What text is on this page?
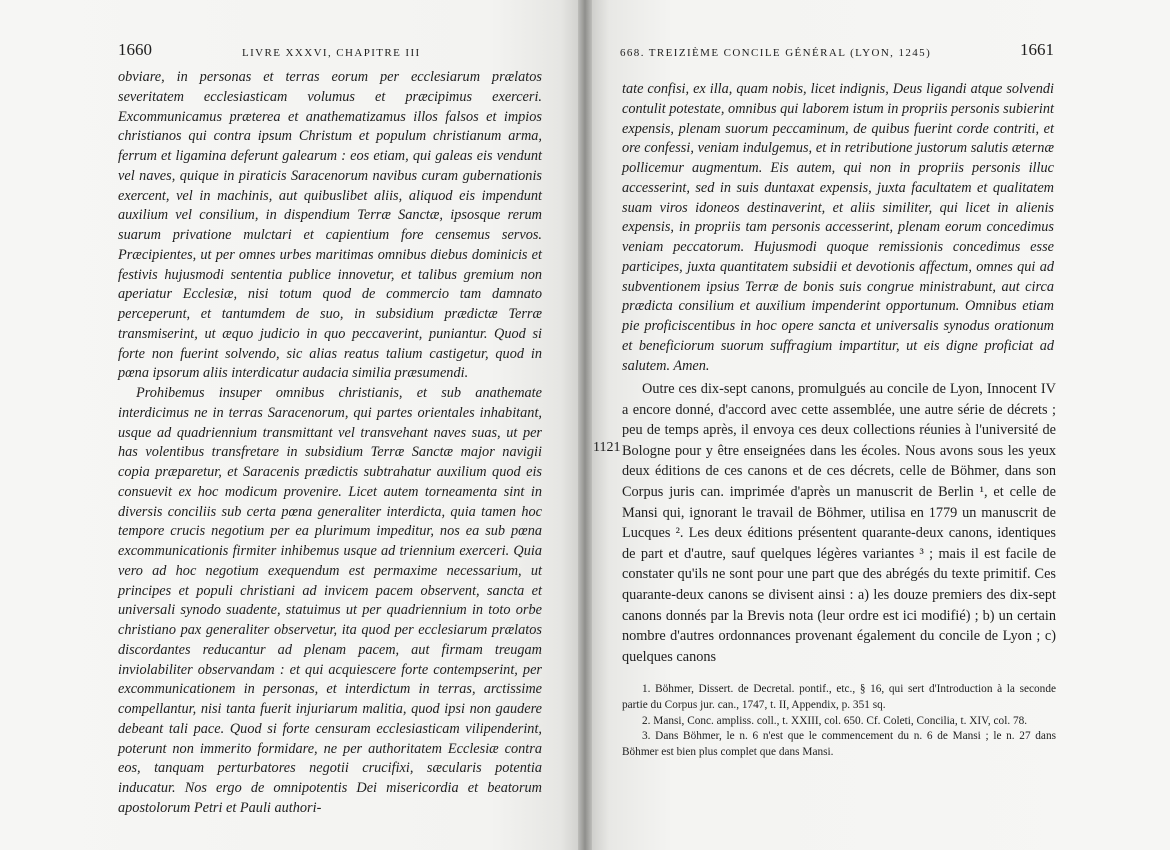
1660	LIVRE XXXVI, CHAPITRE III

obviare, in personas et terras eorum per ecclesiarum prælatos severitatem ecclesiasticam volumus et præcipimus exerceri. Excommunicamus præterea et anathematizamus illos falsos et impios christianos qui contra ipsum Christum et populum christianum arma, ferrum et ligamina deferunt galearum : eos etiam, qui galeas eis vendunt vel naves, quique in piraticis Saracenorum navibus curam gubernationis exercent, vel in machinis, aut quibuslibet aliis, aliquod eis impendunt auxilium vel consilium, in dispendium Terræ Sanctæ, ipsosque rerum suarum privatione mulctari et capientium fore censemus servos. Præcipientes, ut per omnes urbes maritimas omnibus diebus dominicis et festivis hujusmodi sententia publice innovetur, et talibus gremium non aperiatur Ecclesiæ, nisi totum quod de commercio tam damnato perceperunt, et tantumdem de suo, in subsidium prædictæ Terræ transmiserint, ut æquo judicio in quo peccaverint, puniantur. Quod si forte non fuerint solvendo, sic alias reatus talium castigetur, quod in pœna ipsorum aliis interdicatur audacia similia præsumendi.

Prohibemus insuper omnibus christianis, et sub anathemate interdicimus ne in terras Saracenorum, qui partes orientales inhabitant, usque ad quadriennium transmittant vel transvehant naves suas, ut per has volentibus transfretare in subsidium Terræ Sanctæ major navigii copia præparetur, et Saracenis prædictis subtrahatur auxilium quod eis consuevit ex hoc modicum provenire. Licet autem torneamenta sint in diversis conciliis sub certa pœna generaliter interdicta, quia tamen hoc tempore crucis negotium per ea plurimum impeditur, nos ea sub pœna excommunicationis firmiter inhibemus usque ad triennium exerceri. Quia vero ad hoc negotium exequendum est permaxime necessarium, ut principes et populi christiani ad invicem pacem observent, sancta et universali synodo suadente, statuimus ut per quadriennium in toto orbe christiano pax generaliter observetur, ita quod per ecclesiarum prælatos discordantes reducantur ad plenam pacem, aut firmam treugam inviolabiliter observandam : et qui acquiescere forte contempserint, per excommunicationem in personas, et interdictum in terras, arctissime compellantur, nisi tanta fuerit injuriarum malitia, quod ipsi non gaudere debeant tali pace. Quod si forte censuram ecclesiasticam vilipenderint, poterunt non immerito formidare, ne per authoritatem Ecclesiæ contra eos, tanquam perturbatores negotii crucifixi, sæcularis potentia inducatur. Nos ergo de omnipotentis Dei misericordia et beatorum apostolorum Petri et Pauli authori-

668. TREIZIÈME CONCILE GÉNÉRAL (LYON, 1245)	1661

tate confisi, ex illa, quam nobis, licet indignis, Deus ligandi atque solvendi contulit potestate, omnibus qui laborem istum in propriis personis subierint expensis, plenam suorum peccaminum, de quibus fuerint corde contriti, et ore confessi, veniam indulgemus, et in retributione justorum salutis æternæ pollicemur augmentum. Eis autem, qui non in propriis personis illuc accesserint, sed in suis duntaxat expensis, juxta facultatem et qualitatem suam viros idoneos destinaverint, et aliis similiter, qui licet in alienis expensis, in propriis tam personis accesserint, plenam eorum concedimus veniam peccatorum. Hujusmodi quoque remissionis concedimus esse participes, juxta quantitatem subsidii et devotionis affectum, omnes qui ad subventionem ipsius Terræ de bonis suis congrue ministrabunt, aut circa prædicta consilium et auxilium impenderint opportunum. Omnibus etiam pie proficiscentibus in hoc opere sancta et universalis synodus orationum et beneficiorum suorum suffragium impartitur, ut eis digne proficiat ad salutem. Amen.

Outre ces dix-sept canons, promulgués au concile de Lyon, Innocent IV a encore donné, d'accord avec cette assemblée, une autre série de décrets ; peu de temps après, il envoya ces deux collections réunies à l'université de Bologne pour y être enseignées dans les écoles. Nous avons sous les yeux deux éditions de ces canons et de ces décrets, celle de Böhmer, dans son Corpus juris can. imprimée d'après un manuscrit de Berlin ¹, et celle de Mansi qui, ignorant le travail de Böhmer, utilisa en 1779 un manuscrit de Lucques ². Les deux éditions présentent quarante-deux canons, identiques de part et d'autre, sauf quelques légères variantes ³ ; mais il est facile de constater qu'ils ne sont pour une part que des abrégés du texte primitif. Ces quarante-deux canons se divisent ainsi : a) les douze premiers des dix-sept canons donnés par la Brevis nota (leur ordre est ici modifié) ; b) un certain nombre d'autres ordonnances provenant également du concile de Lyon ; c) quelques canons

1. Böhmer, Dissert. de Decretal. pontif., etc., § 16, qui sert d'Introduction à la seconde partie du Corpus jur. can., 1747, t. II, Appendix, p. 351 sq.

2. Mansi, Conc. ampliss. coll., t. XXIII, col. 650. Cf. Coleti, Concilia, t. XIV, col. 78.

3. Dans Böhmer, le n. 6 n'est que le commencement du n. 6 de Mansi ; le n. 27 dans Böhmer est bien plus complet que dans Mansi.

1121
